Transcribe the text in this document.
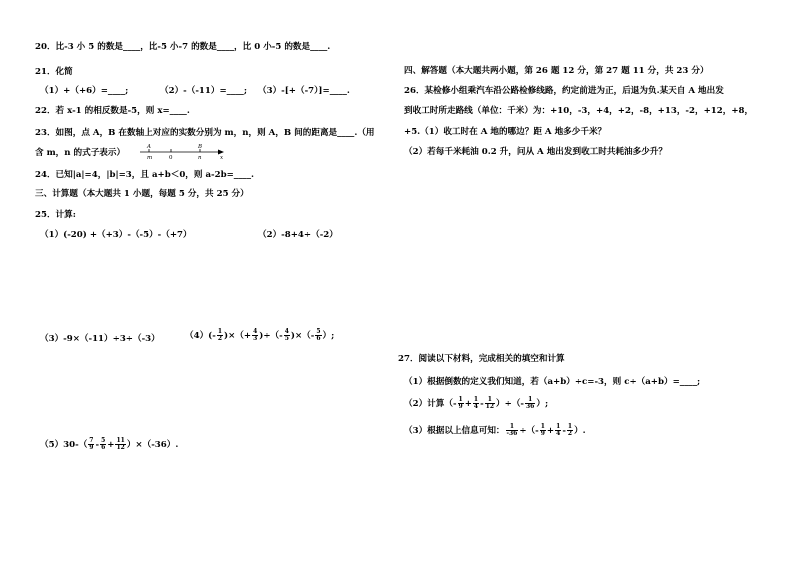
20．比-3 小 5 的数是____，比-5 小-7 的数是____，比 0 小-5 的数是____.
21．化简
（1）+（+6）=____;	（2）-（-11）=____; （3）-[+（-7）]=____.
22．若 x-1 的相反数是-5，则 x=____.
23．如图，点 A，B 在数轴上对应的实数分别为 m，n，则 A，B 间的距离是____.（用
含 m，n 的式子表示）
A
m	0
B
n	x
24．已知|a|=4，|b|=3，且 a+b＜0，则 a-2b=____.
三、计算题（本大题共 1 小题，每题 5 分，共 25 分）
25．计算:
（1）(-20) +（+3）-（-5）-（+7）	（2）-8+4÷（-2）
（3）-9×（-11）÷3÷（-3）	$(4)(- \frac{1}{2}$ )×（+ $\frac{4}{3}$ )÷（- $\frac{4}{5}$ )×（- $\frac{5}{6}$ ）;
$(5)30-( \frac{7}{9} - \frac{5}{6} + \frac{11}{12} )\times(-36)$.
四、解答题（本大题共两小题，第 26 题 12 分，第 27 题 11 分，共 23 分）
26．某检修小组乘汽车沿公路检修线路，约定前进为正，后退为负.某天自 A 地出发
到收工时所走路线（单位：千米）为：+10，-3，+4，+2，-8，+13，-2，+12，+8，
+5.（1）收工时在 A 地的哪边？距 A 地多少千米？
（2）若每千米耗油 0.2 升，问从 A 地出发到收工时共耗油多少升？
27．阅读以下材料，完成相关的填空和计算
（1）根据倒数的定义我们知道，若（a+b）÷c=-3，则 c÷（a+b）=____;
（2）计算（- $\frac{1}{9} + \frac{1}{4} - \frac{1}{12}$ ）÷（- $\frac{1}{36}$ ）;
（3）根据以上信息可知： $\frac{1}{-36}$ ÷（- $\frac{1}{9} + \frac{1}{4} - \frac{1}{2}$ ）.
